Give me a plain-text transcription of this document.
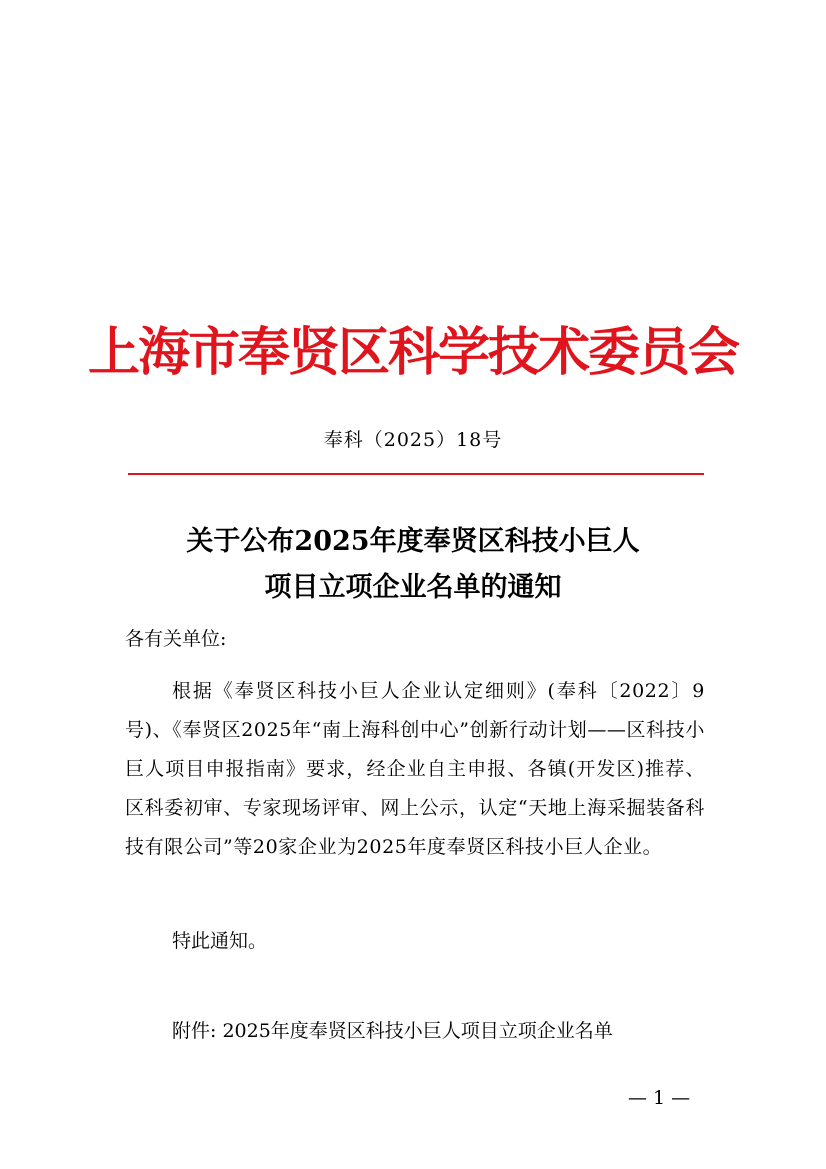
上海市奉贤区科学技术委员会
奉科（2025）18号
关于公布2025年度奉贤区科技小巨人
项目立项企业名单的通知
各有关单位:

根据《奉贤区科技小巨人企业认定细则》(奉科〔2022〕9号)、《奉贤区2025年“南上海科创中心”创新行动计划——区科技小巨人项目申报指南》要求，经企业自主申报、各镇(开发区)推荐、区科委初审、专家现场评审、网上公示，认定“天地上海采掘装备科技有限公司”等20家企业为2025年度奉贤区科技小巨人企业。

特此通知。
附件: 2025年度奉贤区科技小巨人项目立项企业名单
— 1 —
